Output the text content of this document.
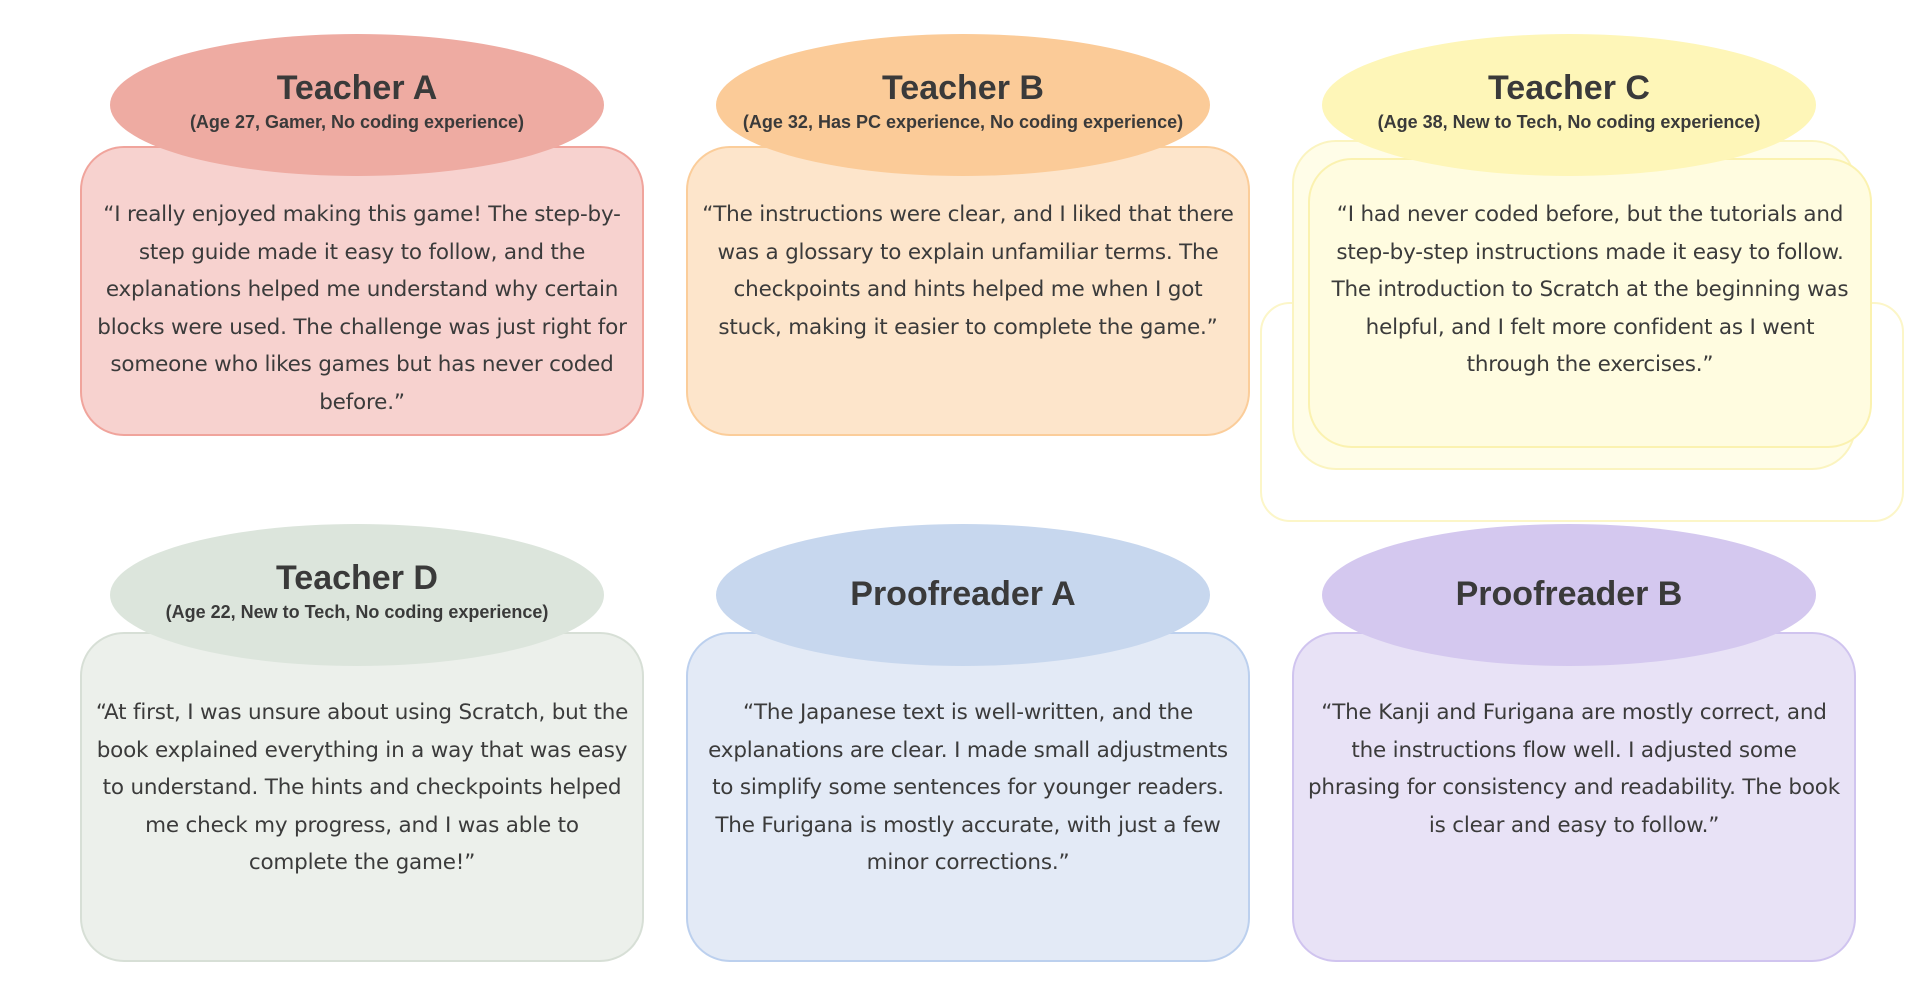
Teacher A
(Age 27, Gamer, No coding experience)
“I really enjoyed making this game! The step-by-step guide made it easy to follow, and the explanations helped me understand why certain blocks were used. The challenge was just right for someone who likes games but has never coded before.”
Teacher B
(Age 32, Has PC experience, No coding experience)
“The instructions were clear, and I liked that there was a glossary to explain unfamiliar terms. The checkpoints and hints helped me when I got stuck, making it easier to complete the game.”
Teacher C
(Age 38, New to Tech, No coding experience)
“I had never coded before, but the tutorials and step-by-step instructions made it easy to follow. The introduction to Scratch at the beginning was helpful, and I felt more confident as I went through the exercises.”
Teacher D
(Age 22, New to Tech, No coding experience)
“At first, I was unsure about using Scratch, but the book explained everything in a way that was easy to understand. The hints and checkpoints helped me check my progress, and I was able to complete the game!”
Proofreader A
“The Japanese text is well-written, and the explanations are clear. I made small adjustments to simplify some sentences for younger readers. The Furigana is mostly accurate, with just a few minor corrections.”
Proofreader B
“The Kanji and Furigana are mostly correct, and the instructions flow well. I adjusted some phrasing for consistency and readability. The book is clear and easy to follow.”
